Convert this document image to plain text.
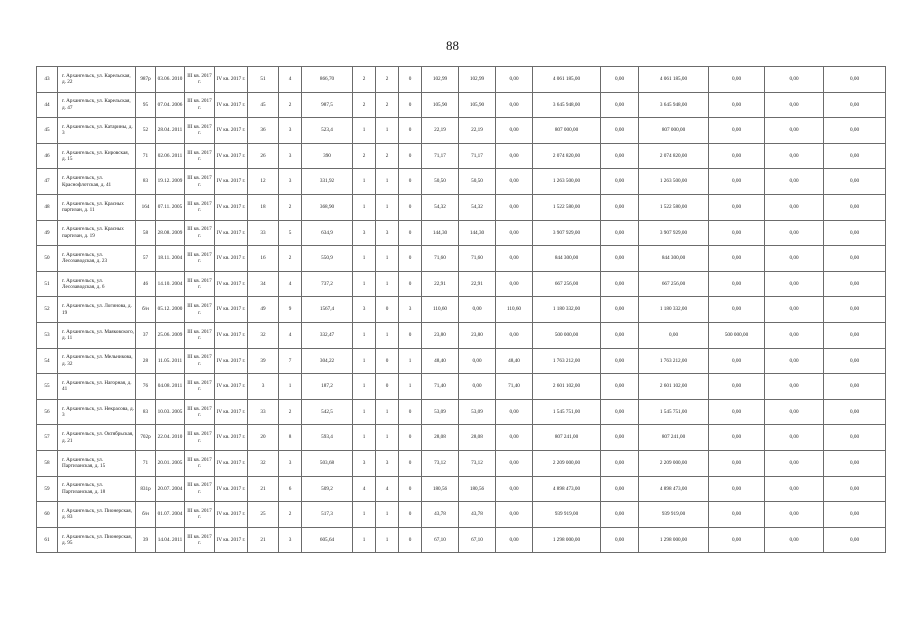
88
43	г. Архангельск, ул. Карельская, д. 22	987р	03.06. 2010	III кв. 2017 г.	IV кв. 2017 г.	51	4	866,70	2	2	0	102,99	102,99	0,00	4 061 185,00	0,00	4 061 185,00	0,00	0,00	0,00
44	г. Архангельск, ул. Карельская, д. 47	95	07.04. 2006	III кв. 2017 г.	IV кв. 2017 г.	45	2	987,5	2	2	0	105,90	105,90	0,00	3 645 948,00	0,00	3 645 948,00	0,00	0,00	0,00
45	г. Архангельск, ул. Катарины, д. 3	52	28.04. 2011	III кв. 2017 г.	IV кв. 2017 г.	36	3	523,4	1	1	0	22,19	22,19	0,00	807 000,00	0,00	807 000,00	0,00	0,00	0,00
46	г. Архангельск, ул. Кировская, д. 15	71	02.06. 2011	III кв. 2017 г.	IV кв. 2017 г.	26	3	390	2	2	0	71,17	71,17	0,00	2 074 820,00	0,00	2 074 820,00	0,00	0,00	0,00
47	г. Архангельск, ул. Краснофлотская, д. 41	83	19.12. 2009	III кв. 2017 г.	IV кв. 2017 г.	12	3	331,92	1	1	0	50,50	50,50	0,00	1 263 500,00	0,00	1 263 500,00	0,00	0,00	0,00
48	г. Архангельск, ул. Красных партизан, д. 11	164	07.11. 2005	III кв. 2017 г.	IV кв. 2017 г.	18	2	368,90	1	1	0	54,32	54,32	0,00	1 522 580,00	0,00	1 522 580,00	0,00	0,00	0,00
49	г. Архангельск, ул. Красных партизан, д. 19	58	28.08. 2009	III кв. 2017 г.	IV кв. 2017 г.	33	5	634,9	3	3	0	144,30	144,30	0,00	3 907 929,00	0,00	3 907 929,00	0,00	0,00	0,00
50	г. Архангельск, ул. Лесозаводская, д. 23	57	18.11. 2004	III кв. 2017 г.	IV кв. 2017 г.	16	2	550,9	1	1	0	71,60	71,60	0,00	844 300,00	0,00	844 300,00	0,00	0,00	0,00
51	г. Архангельск, ул. Лесозаводская, д. 6	46	14.10. 2004	III кв. 2017 г.	IV кв. 2017 г.	34	4	737,2	1	1	0	22,91	22,91	0,00	667 256,00	0,00	667 256,00	0,00	0,00	0,00
52	г. Архангельск, ул. Логинова, д. 19	б/н	05.12. 2000	III кв. 2017 г.	IV кв. 2017 г.	49	9	1567,4	3	0	3	110,60	0,00	110,60	1 180 332,00	0,00	1 180 332,00	0,00	0,00	0,00
53	г. Архангельск, ул. Маяковского, д. 11	37	25.06. 2009	III кв. 2017 г.	IV кв. 2017 г.	32	4	332,47	1	1	0	23,80	23,80	0,00	500 000,00	0,00	0,00	500 000,00	0,00	0,00
54	г. Архангельск, ул. Мельникова, д. 32	28	11.05. 2011	III кв. 2017 г.	IV кв. 2017 г.	39	7	304,22	1	0	1	48,40	0,00	48,40	1 763 212,00	0,00	1 763 212,00	0,00	0,00	0,00
55	г. Архангельск, ул. Нагорная, д. 41	76	04.08. 2011	III кв. 2017 г.	IV кв. 2017 г.	3	1	187,2	1	0	1	71,40	0,00	71,40	2 601 102,00	0,00	2 601 102,00	0,00	0,00	0,00
56	г. Архангельск, ул. Некрасова, д. 3	83	10.03. 2005	III кв. 2017 г.	IV кв. 2017 г.	33	2	542,5	1	1	0	53,09	53,09	0,00	1 545 751,00	0,00	1 545 751,00	0,00	0,00	0,00
57	г. Архангельск, ул. Октябрьская, д. 21	702р	22.04. 2010	III кв. 2017 г.	IV кв. 2017 г.	20	8	593,4	1	1	0	28,08	28,08	0,00	807 241,00	0,00	807 241,00	0,00	0,00	0,00
58	г. Архангельск, ул. Партизанская, д. 15	71	20.01. 2005	III кв. 2017 г.	IV кв. 2017 г.	32	3	503,68	3	3	0	73,12	73,12	0,00	2 209 000,00	0,00	2 209 000,00	0,00	0,00	0,00
59	г. Архангельск, ул. Партизанская, д. 18	831р	20.07. 2004	III кв. 2017 г.	IV кв. 2017 г.	21	6	509,2	4	4	0	180,56	180,56	0,00	4 898 473,00	0,00	4 898 473,00	0,00	0,00	0,00
60	г. Архангельск, ул. Пионерская, д. 83	б/н	01.07. 2004	III кв. 2017 г.	IV кв. 2017 г.	25	2	517,3	1	1	0	43,78	43,78	0,00	939 919,00	0,00	939 919,00	0,00	0,00	0,00
61	г. Архангельск, ул. Пионерская, д. 95	39	14.04. 2011	III кв. 2017 г.	IV кв. 2017 г.	21	3	605,64	1	1	0	67,10	67,10	0,00	1 298 000,00	0,00	1 298 000,00	0,00	0,00	0,00
